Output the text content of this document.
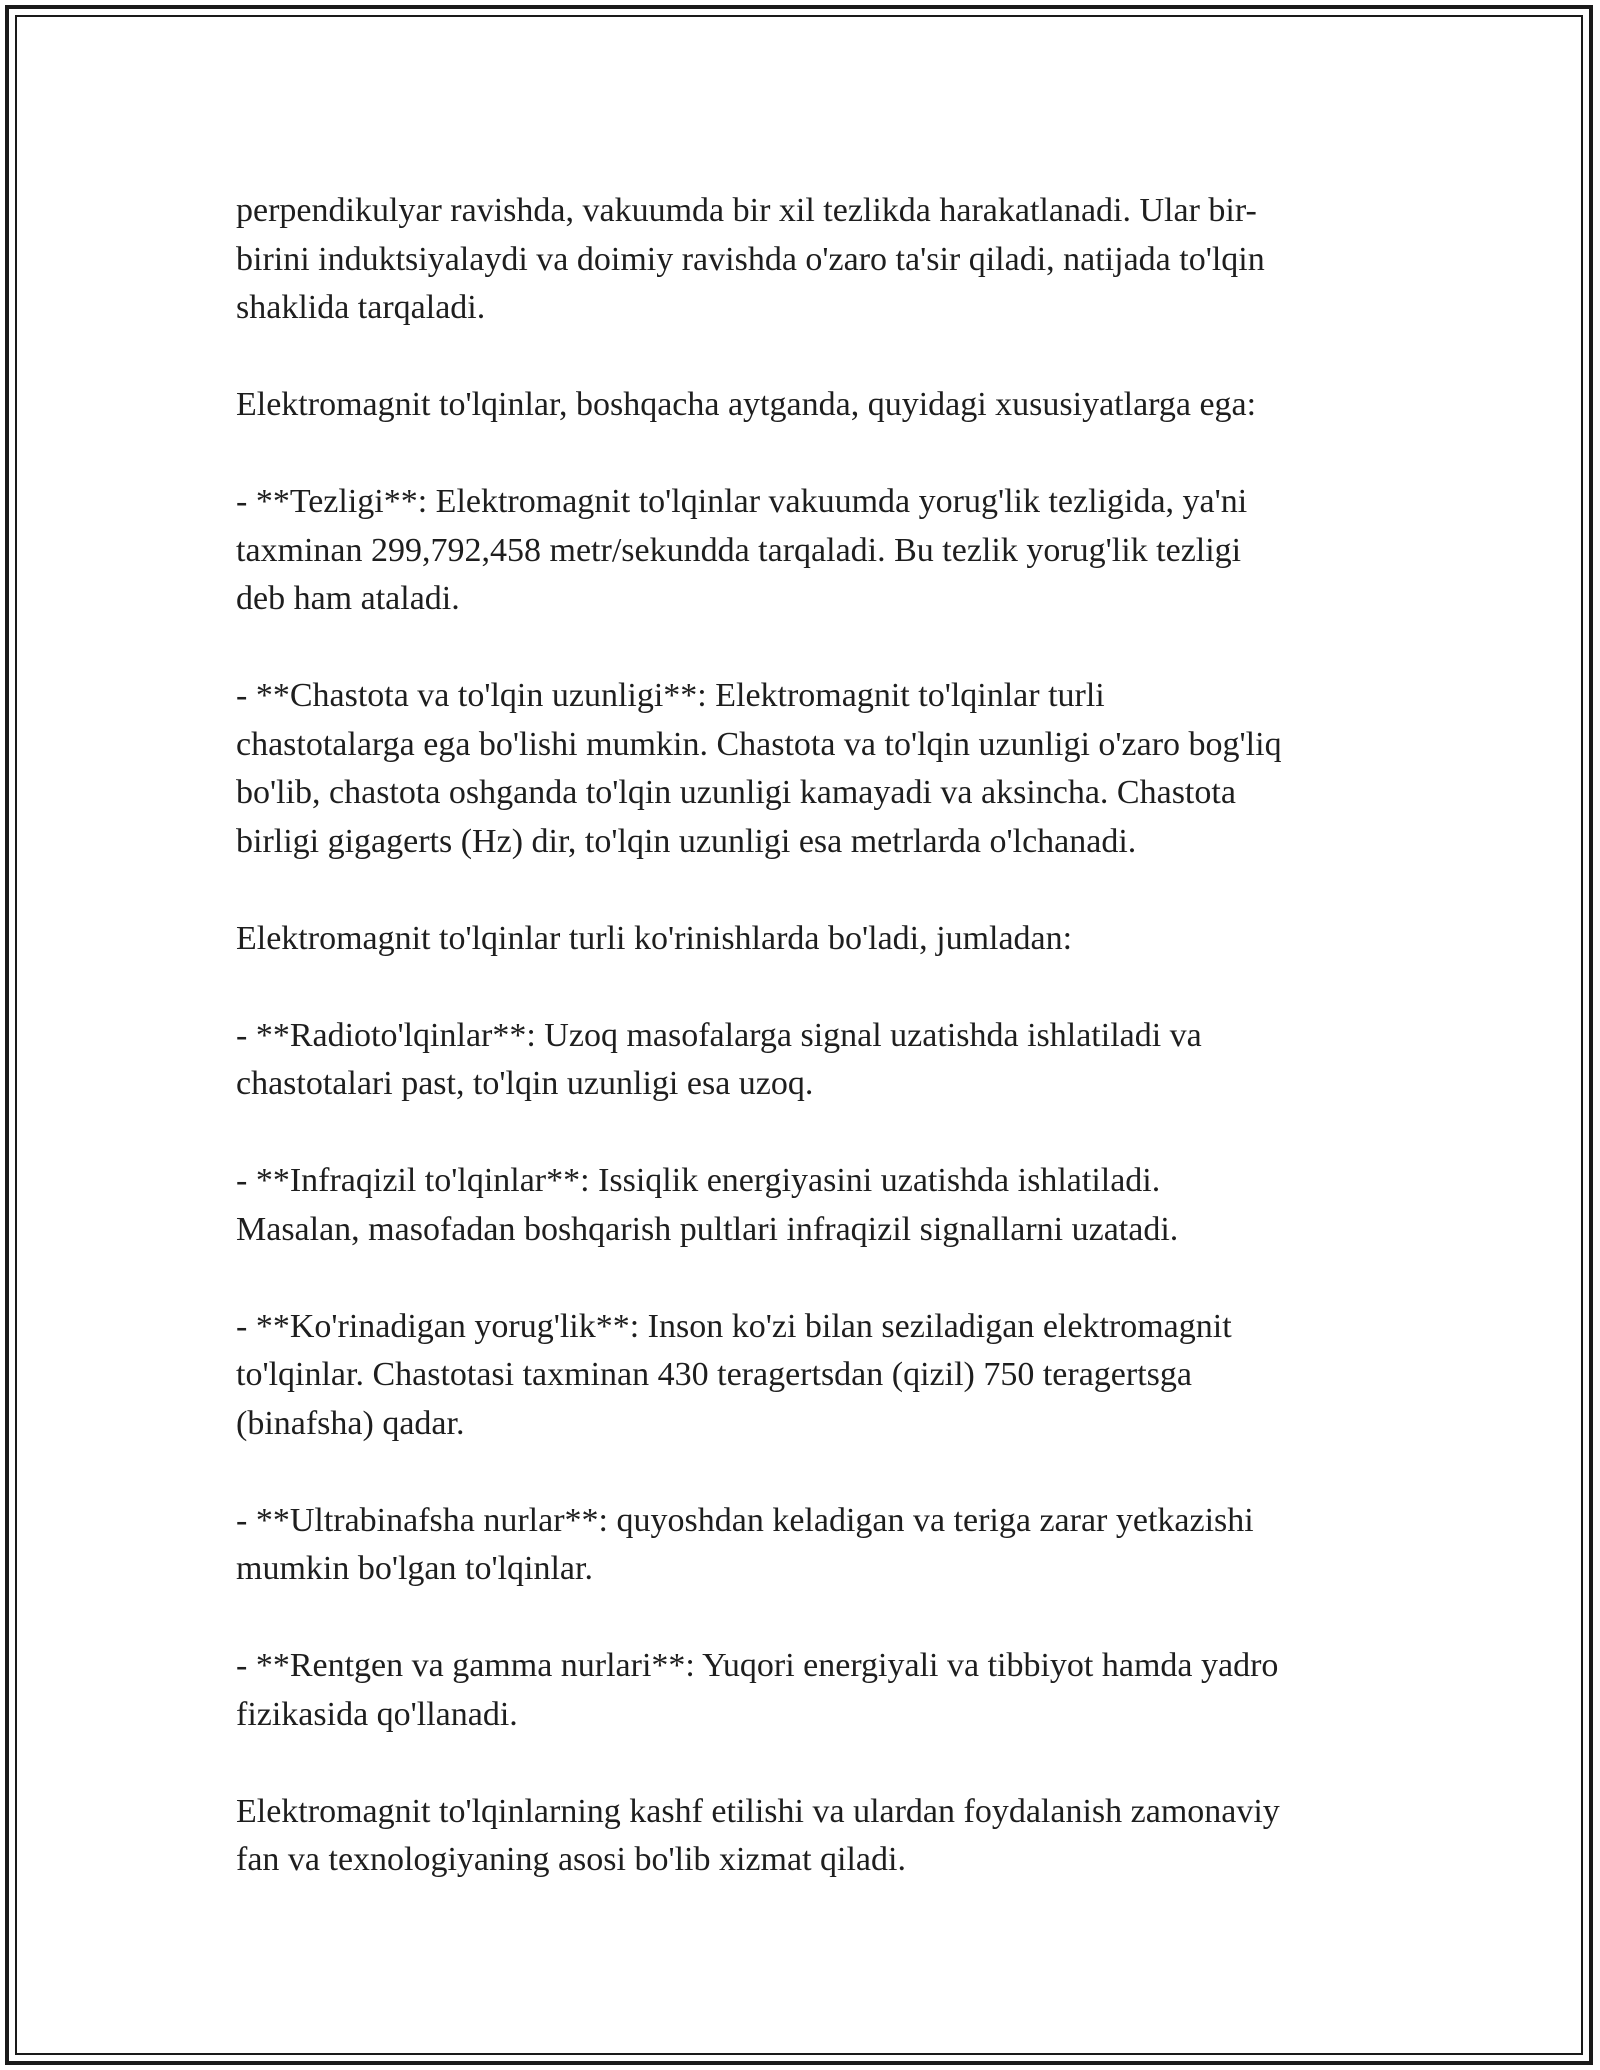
perpendikulyar ravishda, vakuumda bir xil tezlikda harakatlanadi. Ular bir-
birini induktsiyalaydi va doimiy ravishda o'zaro ta'sir qiladi, natijada to'lqin
shaklida tarqaladi.

Elektromagnit to'lqinlar, boshqacha aytganda, quyidagi xususiyatlarga ega:

- **Tezligi**: Elektromagnit to'lqinlar vakuumda yorug'lik tezligida, ya'ni
taxminan 299,792,458 metr/sekundda tarqaladi. Bu tezlik yorug'lik tezligi
deb ham ataladi.

- **Chastota va to'lqin uzunligi**: Elektromagnit to'lqinlar turli
chastotalarga ega bo'lishi mumkin. Chastota va to'lqin uzunligi o'zaro bog'liq
bo'lib, chastota oshganda to'lqin uzunligi kamayadi va aksincha. Chastota
birligi gigagerts (Hz) dir, to'lqin uzunligi esa metrlarda o'lchanadi.

Elektromagnit to'lqinlar turli ko'rinishlarda bo'ladi, jumladan:

- **Radioto'lqinlar**: Uzoq masofalarga signal uzatishda ishlatiladi va
chastotalari past, to'lqin uzunligi esa uzoq.

- **Infraqizil to'lqinlar**: Issiqlik energiyasini uzatishda ishlatiladi.
Masalan, masofadan boshqarish pultlari infraqizil signallarni uzatadi.

- **Ko'rinadigan yorug'lik**: Inson ko'zi bilan seziladigan elektromagnit
to'lqinlar. Chastotasi taxminan 430 teragertsdan (qizil) 750 teragertsga
(binafsha) qadar.

- **Ultrabinafsha nurlar**: quyoshdan keladigan va teriga zarar yetkazishi
mumkin bo'lgan to'lqinlar.

- **Rentgen va gamma nurlari**: Yuqori energiyali va tibbiyot hamda yadro
fizikasida qo'llanadi.

Elektromagnit to'lqinlarning kashf etilishi va ulardan foydalanish zamonaviy
fan va texnologiyaning asosi bo'lib xizmat qiladi.
